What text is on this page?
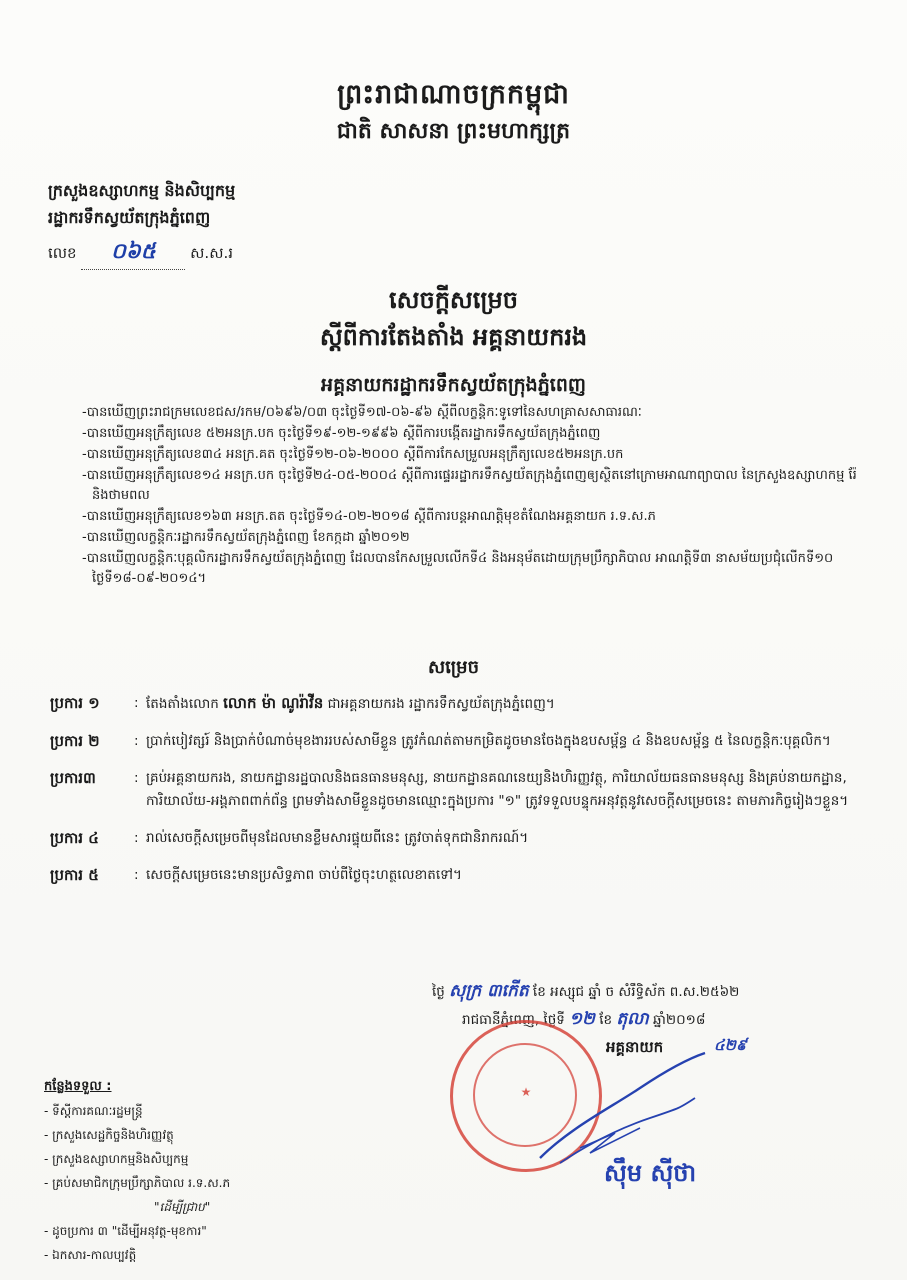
ព្រះរាជាណាចក្រកម្ពុជា
ជាតិ សាសនា ព្រះមហាក្សត្រ
ក្រសួងឧស្សាហកម្ម និងសិប្បកម្ម
រដ្ឋាករទឹកស្វយ័តក្រុងភ្នំពេញ
លេខ ០៦៥ ស.ស.រ
សេចក្ដីសម្រេច
ស្ដីពីការតែងតាំង អគ្គនាយករង
អគ្គនាយករដ្ឋាករទឹកស្វយ័តក្រុងភ្នំពេញ
-បានឃើញព្រះរាជក្រមលេខជស/រកម/០៦៩៦/០៣ ចុះថ្ងៃទី១៧-០៦-៩៦ ស្ដីពីលក្ខន្តិកៈទូទៅនៃសហគ្រាសសាធារណៈ
-បានឃើញអនុក្រឹត្យលេខ ៥២អនក្រ.បក ចុះថ្ងៃទី១៩-១២-១៩៩៦ ស្ដីពីការបង្កើតរដ្ឋាករទឹកស្វយ័តក្រុងភ្នំពេញ
-បានឃើញអនុក្រឹត្យលេខ៣៤ អនក្រ.គត ចុះថ្ងៃទី១២-០៦-២០០០ ស្ដីពីការកែសម្រួលអនុក្រឹត្យលេខ៥២អនក្រ.បក
-បានឃើញអនុក្រឹត្យលេខ១៤ អនក្រ.បក ចុះថ្ងៃទី២៤-០៥-២០០៤ ស្ដីពីការផ្ទេររដ្ឋាករទឹកស្វយ័តក្រុងភ្នំពេញឲ្យស្ថិតនៅក្រោមអាណាព្យាបាល នៃក្រសួងឧស្សាហកម្ម រ៉ែ និងថាមពល
-បានឃើញអនុក្រឹត្យលេខ១៦៣ អនក្រ.តត ចុះថ្ងៃទី១៤-០២-២០១៨ ស្ដីពីការបន្តអាណត្តិមុខតំណែងអគ្គនាយក រ.ទ.ស.ភ
-បានឃើញលក្ខន្តិកៈរដ្ឋាករទឹកស្វយ័តក្រុងភ្នំពេញ ខែកក្កដា ឆ្នាំ២០១២
-បានឃើញលក្ខន្តិកៈបុគ្គលិករដ្ឋាករទឹកស្វយ័តក្រុងភ្នំពេញ ដែលបានកែសម្រួលលើកទី៤ និងអនុម័តដោយក្រុមប្រឹក្សាភិបាល អាណត្តិទី៣ នាសម័យប្រជុំលើកទី១០ ថ្ងៃទី១៨-០៩-២០១៤។
សម្រេច
ប្រការ ១	: តែងតាំងលោក លោក ម៉ា ណូរ៉ាវីន ជាអគ្គនាយករង រដ្ឋាករទឹកស្វយ័តក្រុងភ្នំពេញ។
ប្រការ ២	: ប្រាក់បៀវត្សរ៍ និងប្រាក់បំណាច់មុខងាររបស់សាមីខ្លួន ត្រូវកំណត់តាមកម្រិតដូចមានចែងក្នុងឧបសម្ព័ន្ធ ៤ និងឧបសម្ព័ន្ធ ៥ នៃលក្ខន្តិកៈបុគ្គលិក។
ប្រការ៣	: គ្រប់អគ្គនាយករង, នាយកដ្ឋានរដ្ឋបាលនិងធនធានមនុស្ស, នាយកដ្ឋានគណនេយ្យនិងហិរញ្ញវត្ថុ, ការិយាល័យធនធានមនុស្ស និងគ្រប់នាយកដ្ឋាន, ការិយាល័យ-អង្គភាពពាក់ព័ន្ធ ព្រមទាំងសាមីខ្លួនដូចមានឈ្មោះក្នុងប្រការ "១" ត្រូវទទួលបន្ទុកអនុវត្តនូវសេចក្ដីសម្រេចនេះ តាមភារកិច្ចរៀងៗខ្លួន។
ប្រការ ៤	: រាល់សេចក្ដីសម្រេចពីមុនដែលមានខ្លឹមសារផ្ទុយពីនេះ ត្រូវចាត់ទុកជានិរាករណ៍។
ប្រការ ៥	: សេចក្ដីសម្រេចនេះមានប្រសិទ្ធភាព ចាប់ពីថ្ងៃចុះហត្ថលេខាតទៅ។
ថ្ងៃ សុក្រ ៣កើត ខែ អស្សុជ ឆ្នាំ ច សំរឹទ្ធិស័ក ព.ស.២៥៦២
រាជធានីភ្នំពេញ, ថ្ងៃទី ១២ ខែ តុលា ឆ្នាំ២០១៨
★
អគ្គនាយក	៤២៩
ស៊ឹម ស៊ីថា
កន្លែងទទួល :
- ទីស្ដីការគណៈរដ្ឋមន្ត្រី
- ក្រសួងសេដ្ឋកិច្ចនិងហិរញ្ញវត្ថុ
- ក្រសួងឧស្សាហកម្មនិងសិប្បកម្ម
- គ្រប់សមាជិកក្រុមប្រឹក្សាភិបាល រ.ទ.ស.ភ
"ដើម្បីជ្រាប"
- ដូចប្រការ ៣ "ដើម្បីអនុវត្ត-មុខការ"
- ឯកសារ-កាលប្បវត្តិ
